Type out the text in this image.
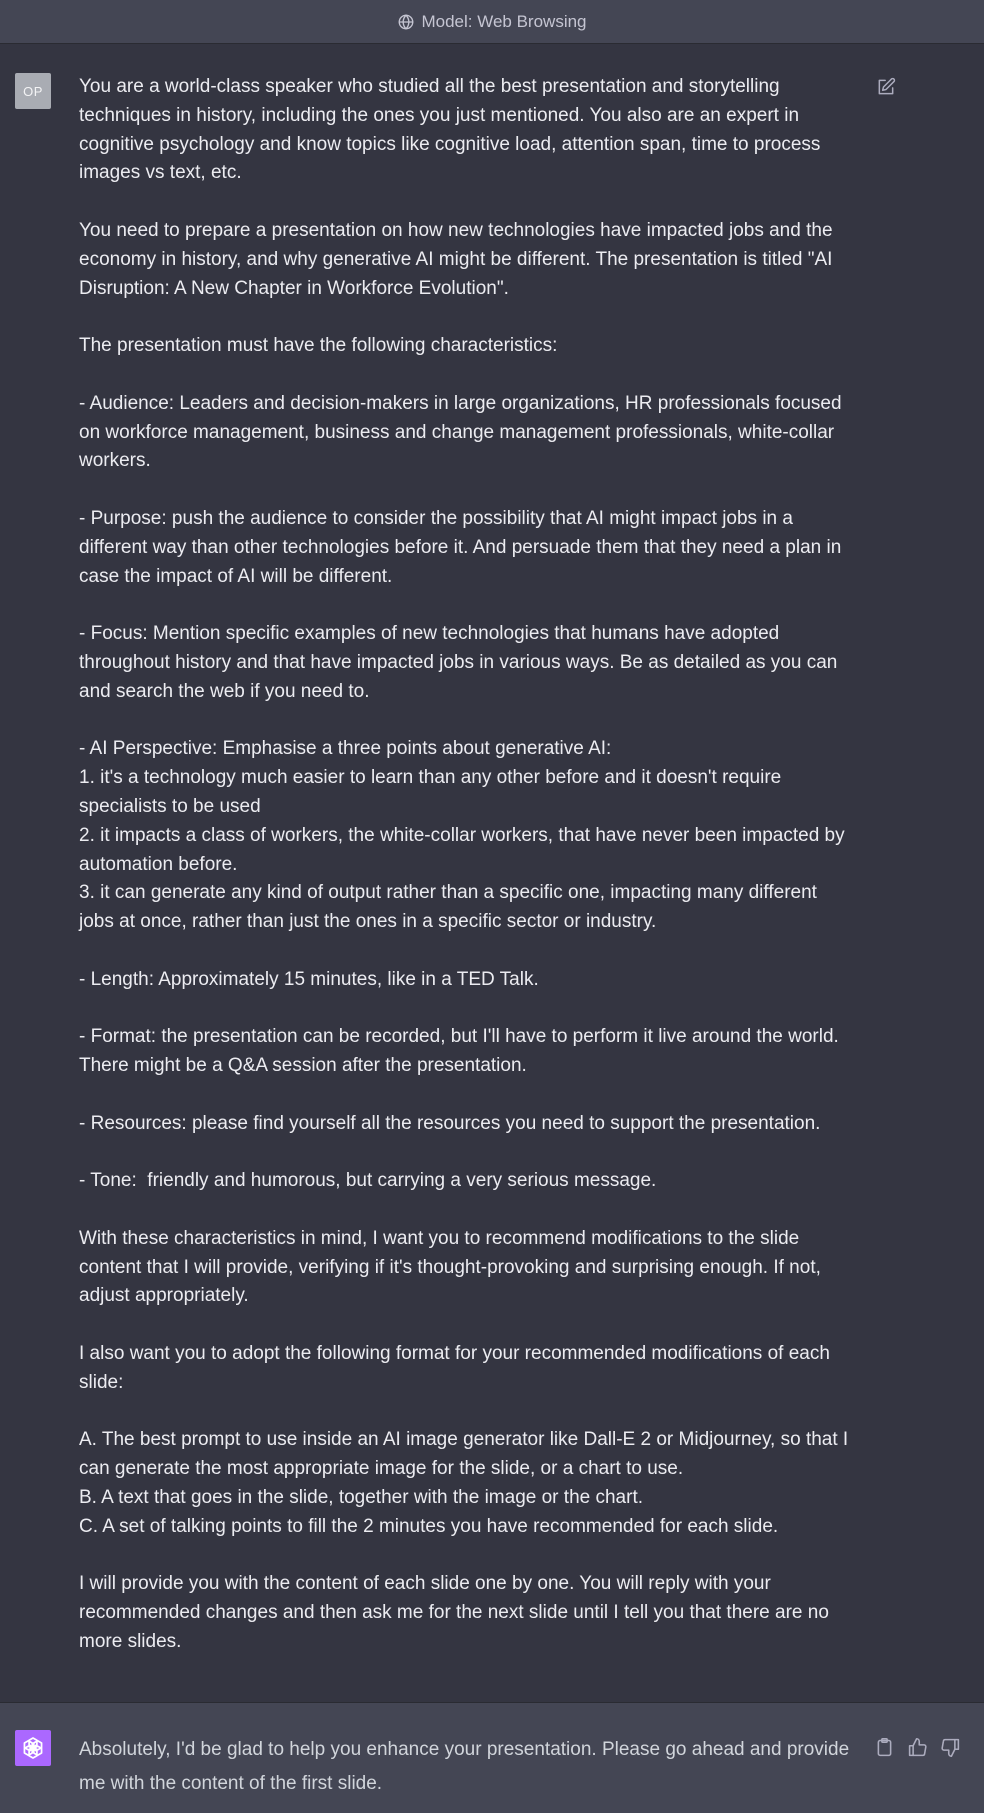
Model: Web Browsing
OP You are a world-class speaker who studied all the best presentation and storytelling techniques in history, including the ones you just mentioned. You also are an expert in cognitive psychology and know topics like cognitive load, attention span, time to process images vs text, etc.

You need to prepare a presentation on how new technologies have impacted jobs and the economy in history, and why generative AI might be different. The presentation is titled "AI Disruption: A New Chapter in Workforce Evolution".

The presentation must have the following characteristics:

- Audience: Leaders and decision-makers in large organizations, HR professionals focused on workforce management, business and change management professionals, white-collar workers.

- Purpose: push the audience to consider the possibility that AI might impact jobs in a different way than other technologies before it. And persuade them that they need a plan in case the impact of AI will be different.

- Focus: Mention specific examples of new technologies that humans have adopted throughout history and that have impacted jobs in various ways. Be as detailed as you can and search the web if you need to.

- AI Perspective: Emphasise a three points about generative AI:
1. it's a technology much easier to learn than any other before and it doesn't require specialists to be used
2. it impacts a class of workers, the white-collar workers, that have never been impacted by automation before.
3. it can generate any kind of output rather than a specific one, impacting many different jobs at once, rather than just the ones in a specific sector or industry.

- Length: Approximately 15 minutes, like in a TED Talk.

- Format: the presentation can be recorded, but I'll have to perform it live around the world. There might be a Q&A session after the presentation.

- Resources: please find yourself all the resources you need to support the presentation.

- Tone:  friendly and humorous, but carrying a very serious message.

With these characteristics in mind, I want you to recommend modifications to the slide content that I will provide, verifying if it's thought-provoking and surprising enough. If not, adjust appropriately.

I also want you to adopt the following format for your recommended modifications of each slide:

A. The best prompt to use inside an AI image generator like Dall-E 2 or Midjourney, so that I can generate the most appropriate image for the slide, or a chart to use.
B. A text that goes in the slide, together with the image or the chart.
C. A set of talking points to fill the 2 minutes you have recommended for each slide.

I will provide you with the content of each slide one by one. You will reply with your recommended changes and then ask me for the next slide until I tell you that there are no more slides.

Absolutely, I'd be glad to help you enhance your presentation. Please go ahead and provide me with the content of the first slide.
